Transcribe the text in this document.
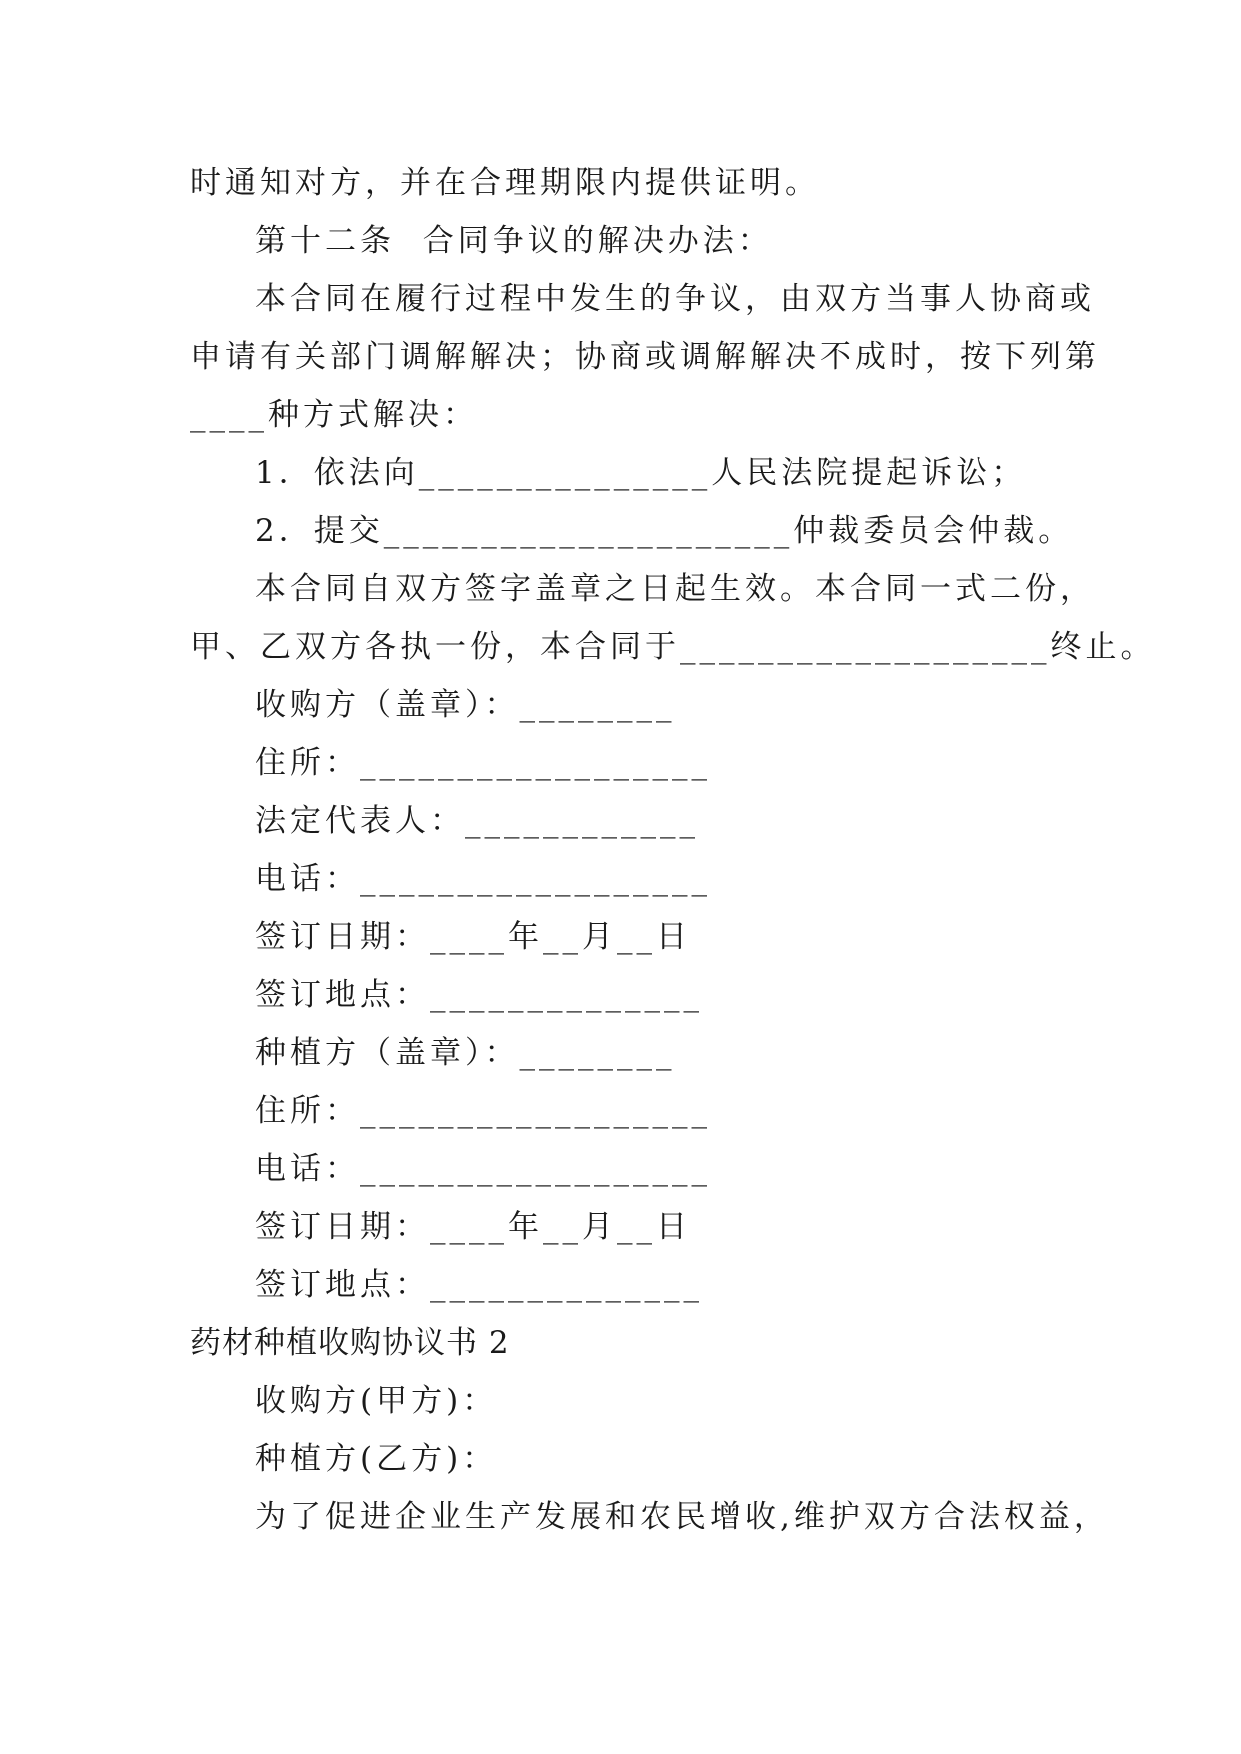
时通知对方，并在合理期限内提供证明。
第十二条  合同争议的解决办法：
本合同在履行过程中发生的争议，由双方当事人协商或
申请有关部门调解解决；协商或调解解决不成时，按下列第
____种方式解决：
1．依法向_______________人民法院提起诉讼；
2．提交_____________________仲裁委员会仲裁。
本合同自双方签字盖章之日起生效。本合同一式二份，
甲、乙双方各执一份，本合同于___________________终止。
收购方（盖章）：________
住所：__________________
法定代表人：____________
电话：__________________
签订日期：____年__月__日
签订地点：______________
种植方（盖章）：________
住所：__________________
电话：__________________
签订日期：____年__月__日
签订地点：______________
药材种植收购协议书 2
收购方(甲方)：
种植方(乙方)：
为了促进企业生产发展和农民增收,维护双方合法权益，
